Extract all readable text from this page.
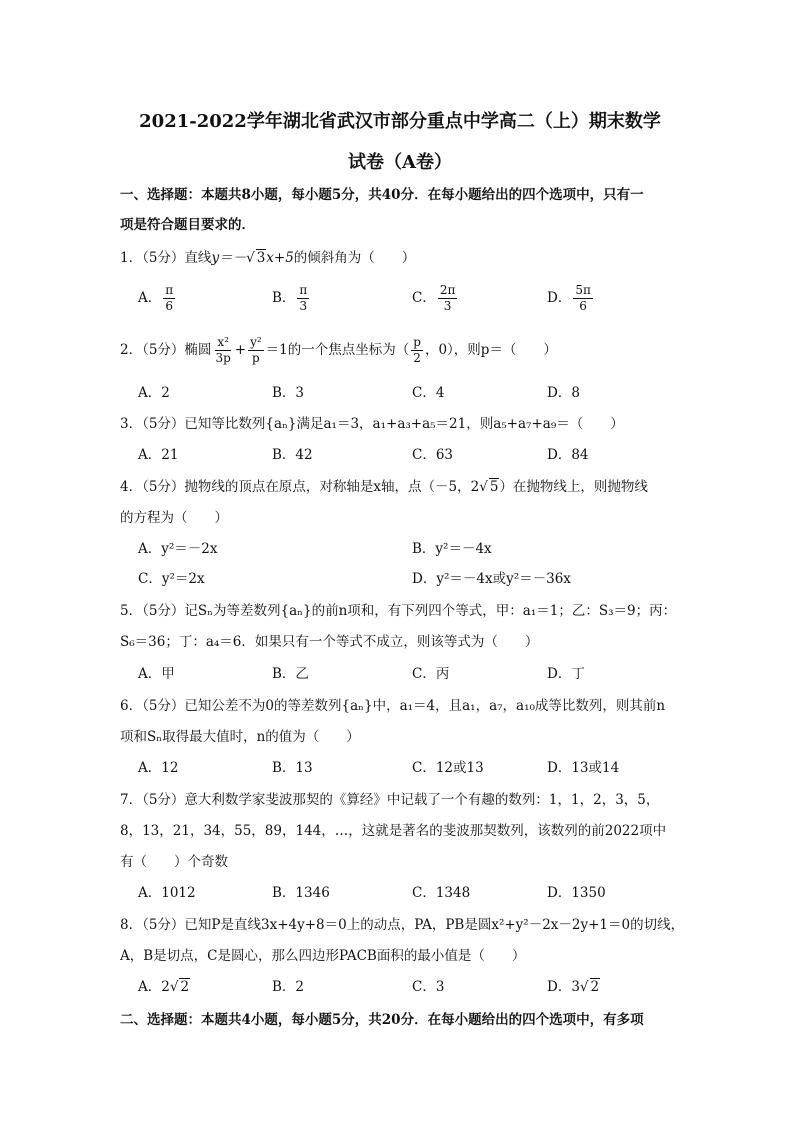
2021-2022学年湖北省武汉市部分重点中学高二（上）期末数学
试卷（A卷）
一、选择题：本题共8小题，每小题5分，共40分．在每小题给出的四个选项中，只有一
项是符合题目要求的．
1．（5分）直线y＝－√ 3x+5的倾斜角为（　　）
A． $\frac{\pi}{6}$	B． $\frac{\pi}{3}$	C． $\frac{2\pi}{3}$	D． $\frac{5\pi}{6}$
2．（5分）椭圆 $\frac{\text{x²}}{3p} + \frac{\text{y²}}{p} =1$的一个焦点坐标为（ $\frac{p}{2}$ ，0），则p＝（　　）
A．2	B．3	C．4	D．8
3．（5分）已知等比数列{aₙ}满足a₁＝3，a₁+a₃+a₅＝21，则a₅+a₇+a₉＝（　　）
A．21	B．42	C．63	D．84
4．（5分）抛物线的顶点在原点，对称轴是x轴，点（－5，2√ 5）在抛物线上，则抛物线
的方程为（　　）
A．y²＝－2x	B．y²＝－4x
C．y²＝2x	D．y²＝－4x或y²＝－36x
5．（5分）记Sₙ为等差数列{aₙ}的前n项和，有下列四个等式，甲：a₁＝1；乙：S₃＝9；丙：
S₆＝36；丁：a₄＝6．如果只有一个等式不成立，则该等式为（　　）
A．甲	B．乙	C．丙	D．丁
6．（5分）已知公差不为0的等差数列{aₙ}中，a₁＝4，且a₁，a₇，a₁₀成等比数列，则其前n
项和Sₙ取得最大值时，n的值为（　　）
A．12	B．13	C．12或13	D．13或14
7．（5分）意大利数学家斐波那契的《算经》中记载了一个有趣的数列：1，1，2，3，5，
8，13，21，34，55，89，144，…，这就是著名的斐波那契数列，该数列的前2022项中
有（　　）个奇数
A．1012	B．1346	C．1348	D．1350
8．（5分）已知P是直线3x+4y+8＝0上的动点，PA，PB是圆x²+y²－2x－2y+1＝0的切线，
A，B是切点，C是圆心，那么四边形PACB面积的最小值是（　　）
A．2√ 2	B．2	C．3	D．3√ 2
二、选择题：本题共4小题，每小题5分，共20分．在每小题给出的四个选项中，有多项
